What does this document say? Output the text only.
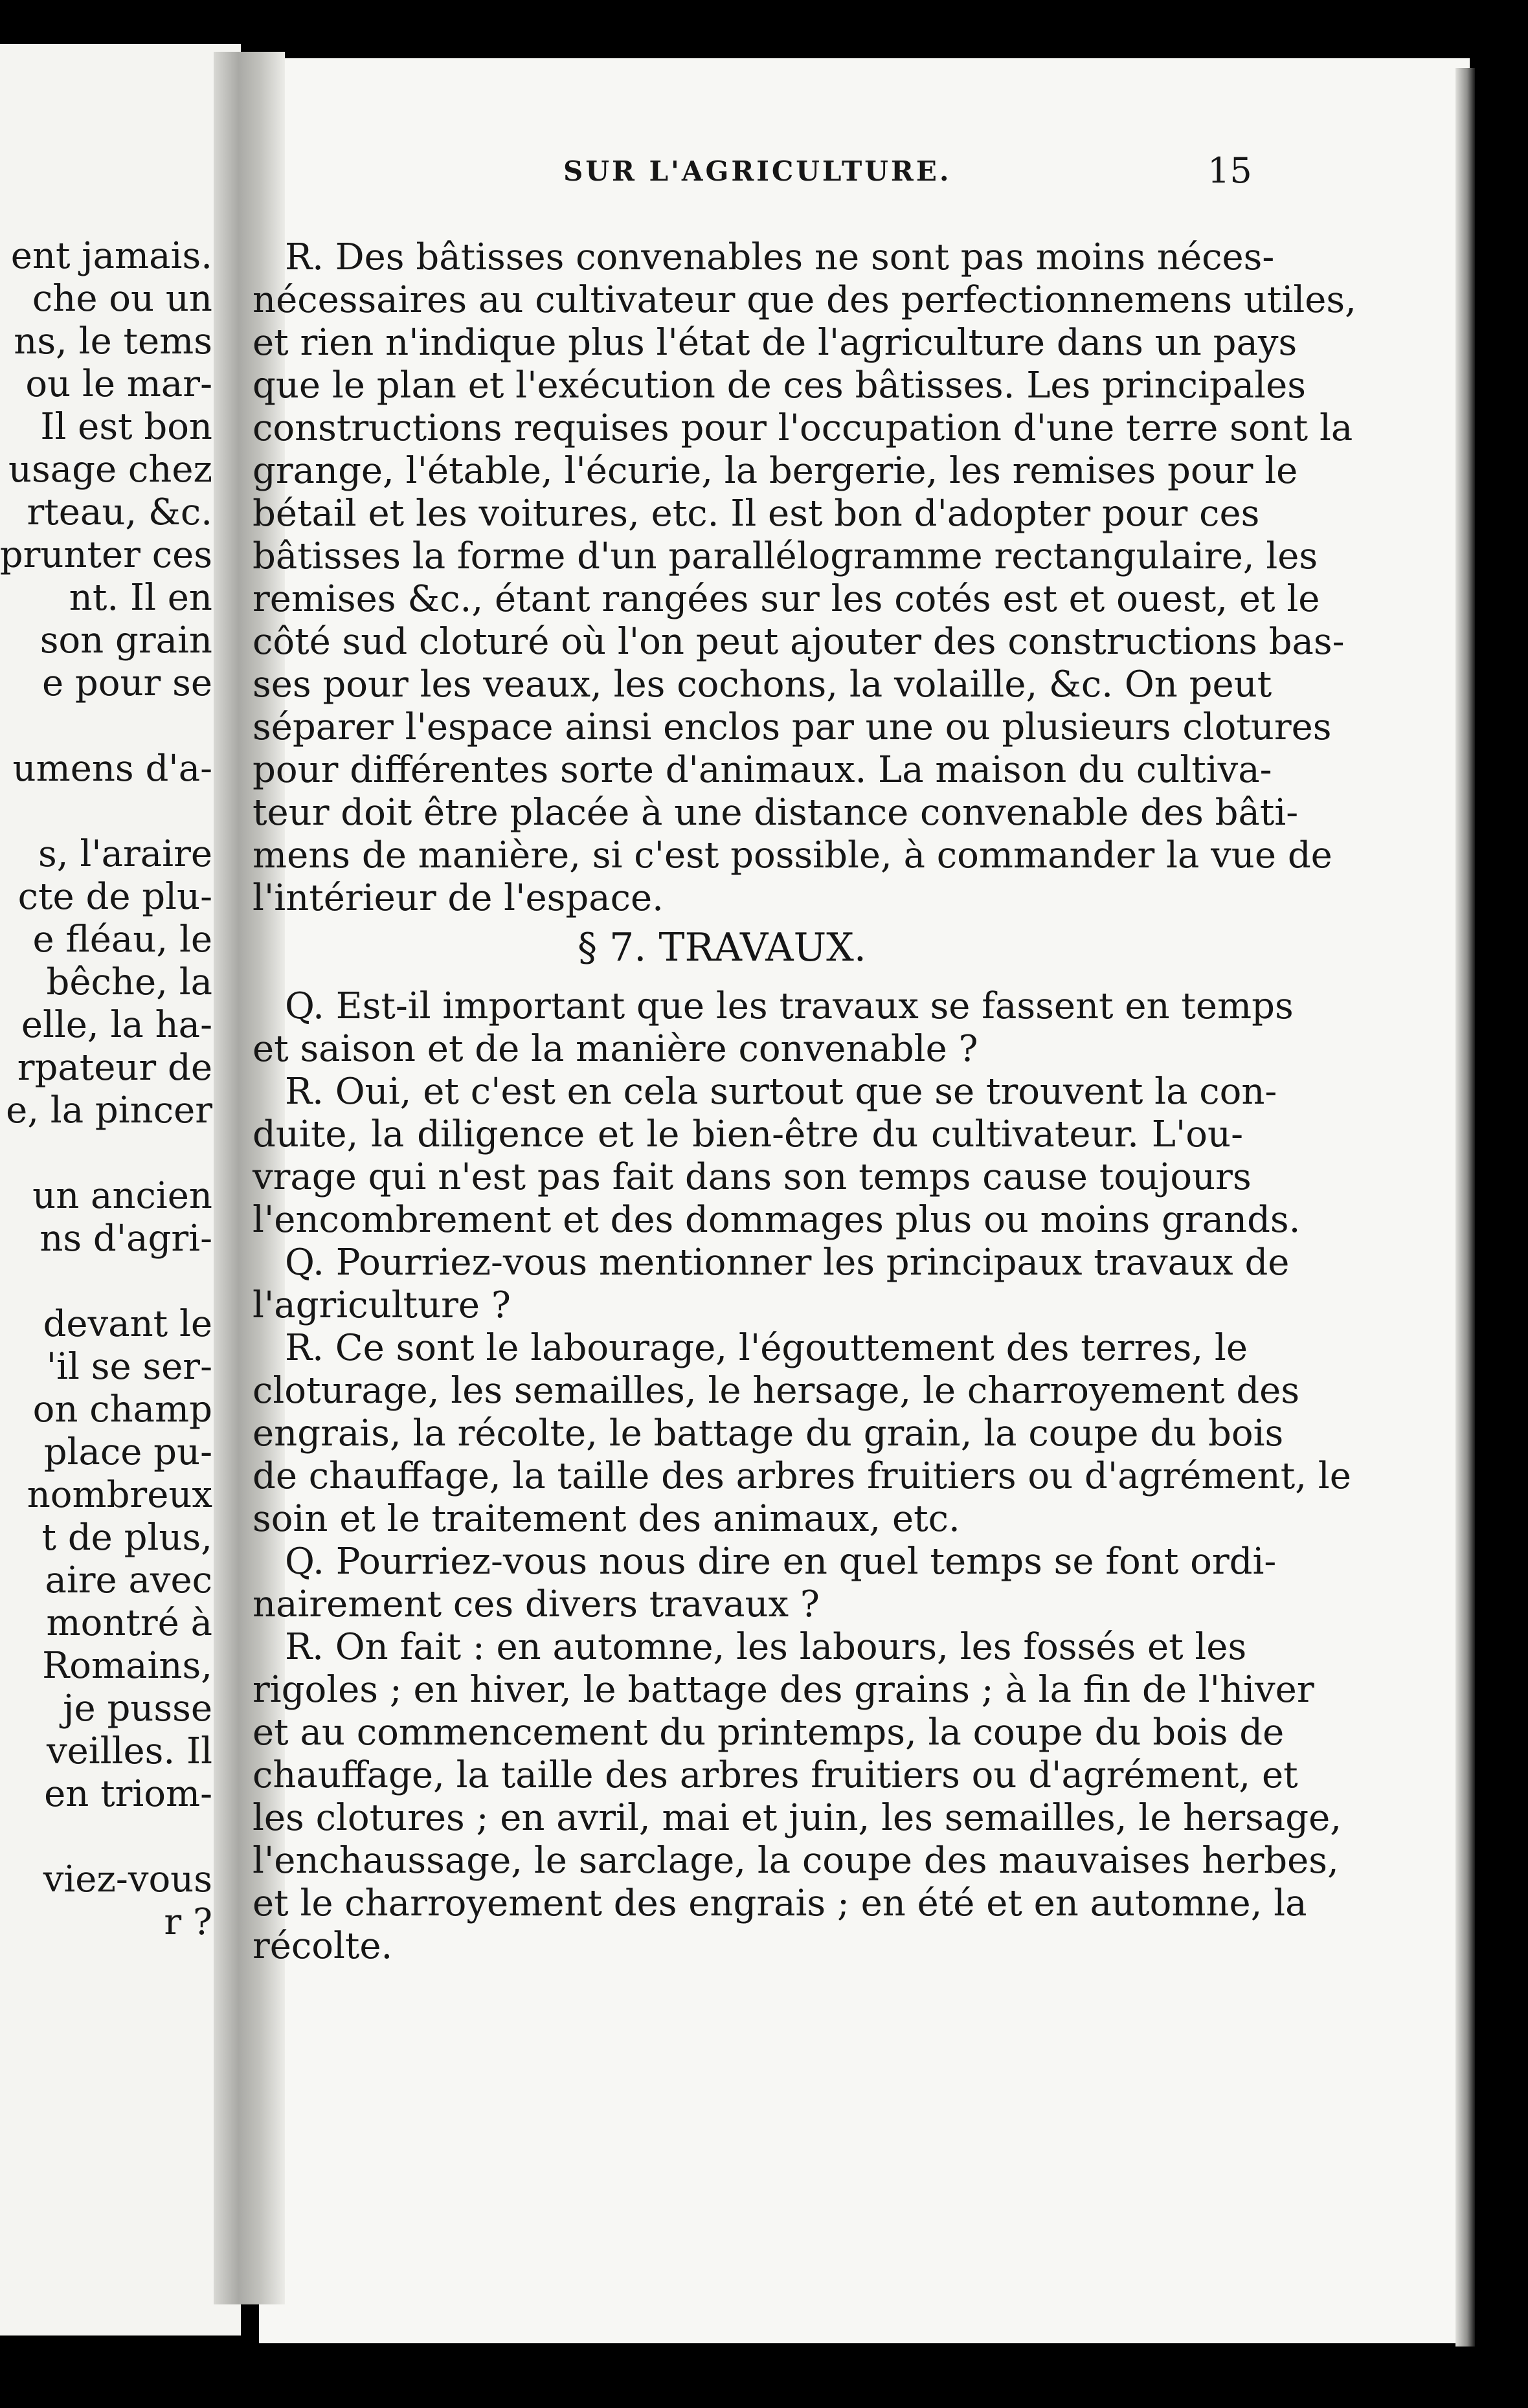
ent jamais.
che ou un
ns, le tems
ou le mar-
Il est bon
usage chez
rteau, &c.
prunter ces
nt. Il en
son grain
e pour se
umens d'a-
s, l'araire
cte de plu-
e fléau, le
bêche, la
elle, la ha-
rpateur de
e, la pincer
un ancien
ns d'agri-
devant le
'il se ser-
on champ
place pu-
nombreux
t de plus,
aire avec
montré à
Romains,
je pusse
veilles. Il
en triom-
viez-vous
r ?
SUR L'AGRICULTURE.	15
R. Des bâtisses convenables ne sont pas moins néces-
nécessaires au cultivateur que des perfectionnemens utiles,
et rien n'indique plus l'état de l'agriculture dans un pays
que le plan et l'exécution de ces bâtisses. Les principales
constructions requises pour l'occupation d'une terre sont la
grange, l'étable, l'écurie, la bergerie, les remises pour le
bétail et les voitures, etc. Il est bon d'adopter pour ces
bâtisses la forme d'un parallélogramme rectangulaire, les
remises &c., étant rangées sur les cotés est et ouest, et le
côté sud cloturé où l'on peut ajouter des constructions bas-
ses pour les veaux, les cochons, la volaille, &c. On peut
séparer l'espace ainsi enclos par une ou plusieurs clotures
pour différentes sorte d'animaux. La maison du cultiva-
teur doit être placée à une distance convenable des bâti-
mens de manière, si c'est possible, à commander la vue de
l'intérieur de l'espace.
§ 7. TRAVAUX.
Q. Est-il important que les travaux se fassent en temps
et saison et de la manière convenable ?
R. Oui, et c'est en cela surtout que se trouvent la con-
duite, la diligence et le bien-être du cultivateur. L'ou-
vrage qui n'est pas fait dans son temps cause toujours
l'encombrement et des dommages plus ou moins grands.
Q. Pourriez-vous mentionner les principaux travaux de
l'agriculture ?
R. Ce sont le labourage, l'égouttement des terres, le
cloturage, les semailles, le hersage, le charroyement des
engrais, la récolte, le battage du grain, la coupe du bois
de chauffage, la taille des arbres fruitiers ou d'agrément, le
soin et le traitement des animaux, etc.
Q. Pourriez-vous nous dire en quel temps se font ordi-
nairement ces divers travaux ?
R. On fait : en automne, les labours, les fossés et les
rigoles ; en hiver, le battage des grains ; à la fin de l'hiver
et au commencement du printemps, la coupe du bois de
chauffage, la taille des arbres fruitiers ou d'agrément, et
les clotures ; en avril, mai et juin, les semailles, le hersage,
l'enchaussage, le sarclage, la coupe des mauvaises herbes,
et le charroyement des engrais ; en été et en automne, la
récolte.
